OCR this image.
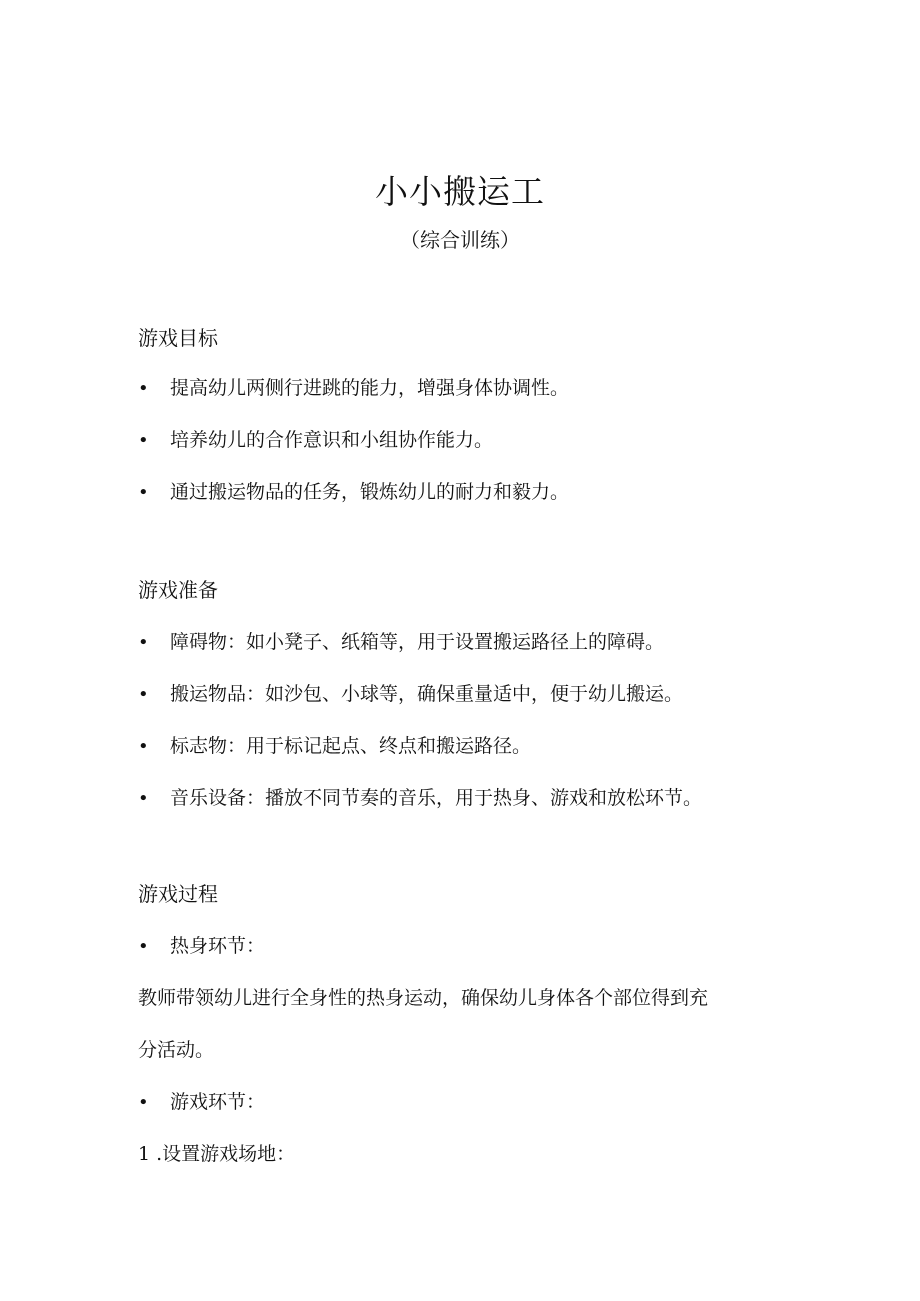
小小搬运工
（综合训练）
游戏目标
• 提高幼儿两侧行进跳的能力，增强身体协调性。
• 培养幼儿的合作意识和小组协作能力。
• 通过搬运物品的任务，锻炼幼儿的耐力和毅力。
游戏准备
• 障碍物：如小凳子、纸箱等，用于设置搬运路径上的障碍。
• 搬运物品：如沙包、小球等，确保重量适中，便于幼儿搬运。
• 标志物：用于标记起点、终点和搬运路径。
• 音乐设备：播放不同节奏的音乐，用于热身、游戏和放松环节。
游戏过程
• 热身环节：
教师带领幼儿进行全身性的热身运动，确保幼儿身体各个部位得到充
分活动。
• 游戏环节：
1 .设置游戏场地：
